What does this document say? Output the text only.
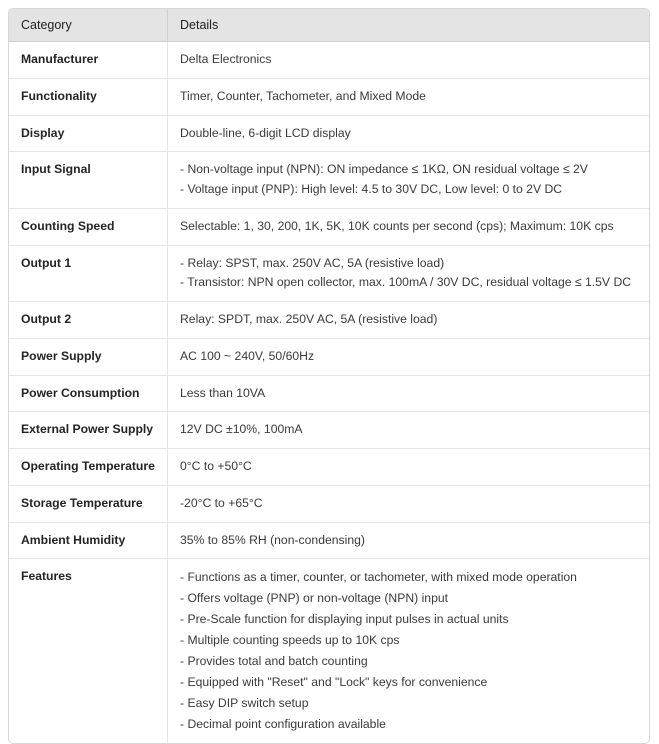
Category	Details
Manufacturer	Delta Electronics

Functionality	Timer, Counter, Tachometer, and Mixed Mode

Display	Double-line, 6-digit LCD display

Input Signal	- Non-voltage input (NPN): ON impedance ≤ 1KΩ, ON residual voltage ≤ 2V
- Voltage input (PNP): High level: 4.5 to 30V DC, Low level: 0 to 2V DC

Counting Speed	Selectable: 1, 30, 200, 1K, 5K, 10K counts per second (cps); Maximum: 10K cps

Output 1	- Relay: SPST, max. 250V AC, 5A (resistive load)
- Transistor: NPN open collector, max. 100mA / 30V DC, residual voltage ≤ 1.5V DC

Output 2	Relay: SPDT, max. 250V AC, 5A (resistive load)

Power Supply	AC 100 ~ 240V, 50/60Hz

Power Consumption	Less than 10VA

External Power Supply	12V DC ±10%, 100mA

Operating Temperature	0°C to +50°C

Storage Temperature	-20°C to +65°C

Ambient Humidity	35% to 85% RH (non-condensing)

Features	- Functions as a timer, counter, or tachometer, with mixed mode operation
- Offers voltage (PNP) or non-voltage (NPN) input
- Pre-Scale function for displaying input pulses in actual units
- Multiple counting speeds up to 10K cps
- Provides total and batch counting
- Equipped with "Reset" and "Lock" keys for convenience
- Easy DIP switch setup
- Decimal point configuration available
